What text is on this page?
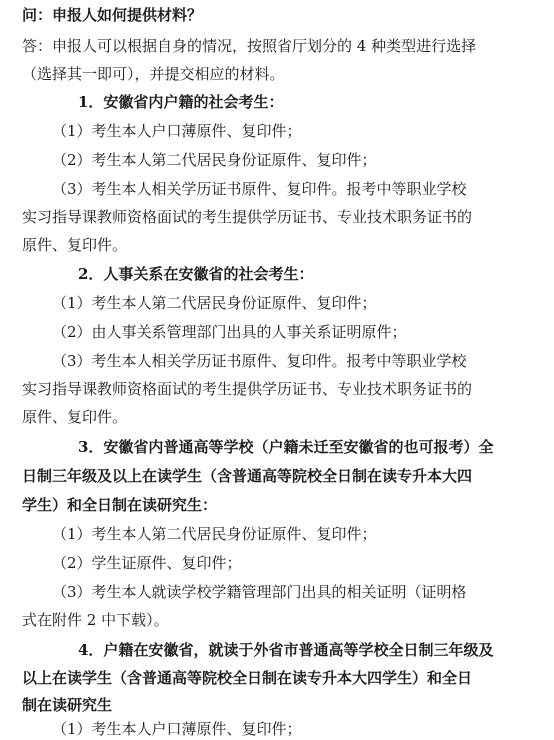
问：申报人如何提供材料？
答：申报人可以根据自身的情况，按照省厅划分的 4 种类型进行选择
（选择其一即可），并提交相应的材料。
1．安徽省内户籍的社会考生：
（1）考生本人户口薄原件、复印件；
（2）考生本人第二代居民身份证原件、复印件；
（3）考生本人相关学历证书原件、复印件。报考中等职业学校
实习指导课教师资格面试的考生提供学历证书、专业技术职务证书的
原件、复印件。
2．人事关系在安徽省的社会考生：
（1）考生本人第二代居民身份证原件、复印件；
（2）由人事关系管理部门出具的人事关系证明原件；
（3）考生本人相关学历证书原件、复印件。报考中等职业学校
实习指导课教师资格面试的考生提供学历证书、专业技术职务证书的
原件、复印件。
3．安徽省内普通高等学校（户籍未迁至安徽省的也可报考）全
日制三年级及以上在读学生（含普通高等院校全日制在读专升本大四
学生）和全日制在读研究生：
（1）考生本人第二代居民身份证原件、复印件；
（2）学生证原件、复印件；
（3）考生本人就读学校学籍管理部门出具的相关证明（证明格
式在附件 2 中下载）。
4．户籍在安徽省，就读于外省市普通高等学校全日制三年级及
以上在读学生（含普通高等院校全日制在读专升本大四学生）和全日
制在读研究生
（1）考生本人户口薄原件、复印件；
